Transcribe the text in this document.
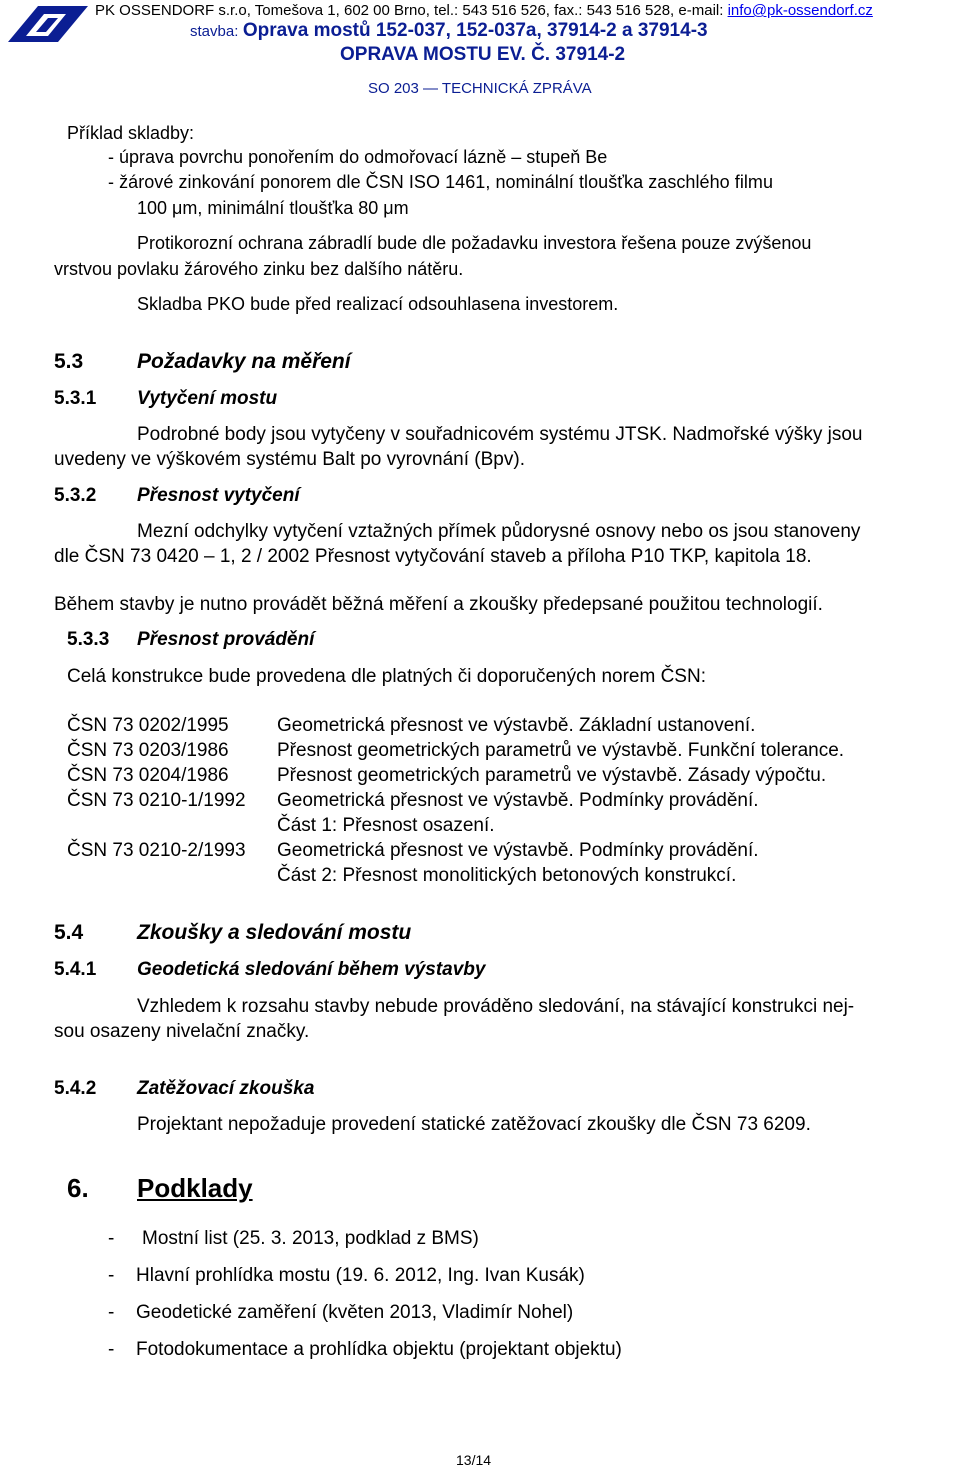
PK OSSENDORF s.r.o, Tomešova 1, 602 00 Brno, tel.: 543 516 526, fax.: 543 516 528, e-mail: info@pk-ossendorf.cz
stavba: Oprava mostů 152-037, 152-037a, 37914-2 a 37914-3
OPRAVA MOSTU EV. Č. 37914-2
SO 203 — TECHNICKÁ ZPRÁVA
Příklad skladby:
- úprava povrchu ponořením do odmořovací lázně – stupeň Be
- žárové zinkování ponorem dle ČSN ISO 1461, nominální tloušťka zaschlého filmu
100 μm, minimální tloušťka 80 μm
Protikorozní ochrana zábradlí bude dle požadavku investora řešena pouze zvýšenou
vrstvou povlaku žárového zinku bez dalšího nátěru.
Skladba PKO bude před realizací odsouhlasena investorem.
5.3	Požadavky na měření
5.3.1 Vytyčení mostu
Podrobné body jsou vytyčeny v souřadnicovém systému JTSK. Nadmořské výšky jsou
uvedeny ve výškovém systému Balt po vyrovnání (Bpv).
5.3.2 Přesnost vytyčení
Mezní odchylky vytyčení vztažných přímek půdorysné osnovy nebo os jsou stanoveny
dle ČSN 73 0420 – 1, 2 / 2002 Přesnost vytyčování staveb a příloha P10 TKP, kapitola 18.
Během stavby je nutno provádět běžná měření a zkoušky předepsané použitou technologií.
5.3.3 Přesnost provádění
Celá konstrukce bude provedena dle platných či doporučených norem ČSN:
ČSN 73 0202/1995	Geometrická přesnost ve výstavbě. Základní ustanovení.
ČSN 73 0203/1986	Přesnost geometrických parametrů ve výstavbě. Funkční tolerance.
ČSN 73 0204/1986	Přesnost geometrických parametrů ve výstavbě. Zásady výpočtu.
ČSN 73 0210-1/1992 Geometrická přesnost ve výstavbě. Podmínky provádění.
Část 1: Přesnost osazení.
ČSN 73 0210-2/1993 Geometrická přesnost ve výstavbě. Podmínky provádění.
Část 2: Přesnost monolitických betonových konstrukcí.
5.4	Zkoušky a sledování mostu
5.4.1 Geodetická sledování během výstavby
Vzhledem k rozsahu stavby nebude prováděno sledování, na stávající konstrukci nej-
sou osazeny nivelační značky.
5.4.2 Zatěžovací zkouška
Projektant nepožaduje provedení statické zatěžovací zkoušky dle ČSN 73 6209.
6. Podklady
- Mostní list (25. 3. 2013, podklad z BMS)
- Hlavní prohlídka mostu (19. 6. 2012, Ing. Ivan Kusák)
- Geodetické zaměření (květen 2013, Vladimír Nohel)
- Fotodokumentace a prohlídka objektu (projektant objektu)
13/14
